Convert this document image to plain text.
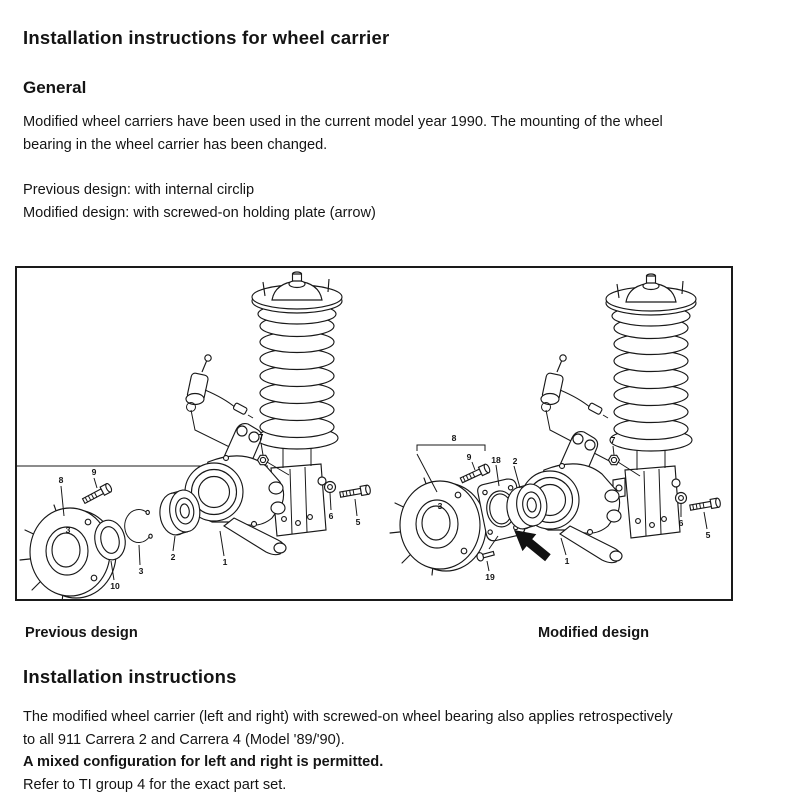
Installation instructions for wheel carrier
General
Modified wheel carriers have been used in the current model year 1990. The mounting of the wheel
bearing in the wheel carrier has been changed.
Previous design: with internal circlip
Modified design: with screwed-on holding plate (arrow)
9
8
3
10
3
2	1
7
6
5
8
9 18 2
7
3
1
19
6
5
Previous design	Modified design
Installation instructions
The modified wheel carrier (left and right) with screwed-on wheel bearing also applies retrospectively
to all 911 Carrera 2 and Carrera 4 (Model '89/'90).
A mixed configuration for left and right is permitted.
Refer to TI group 4 for the exact part set.
